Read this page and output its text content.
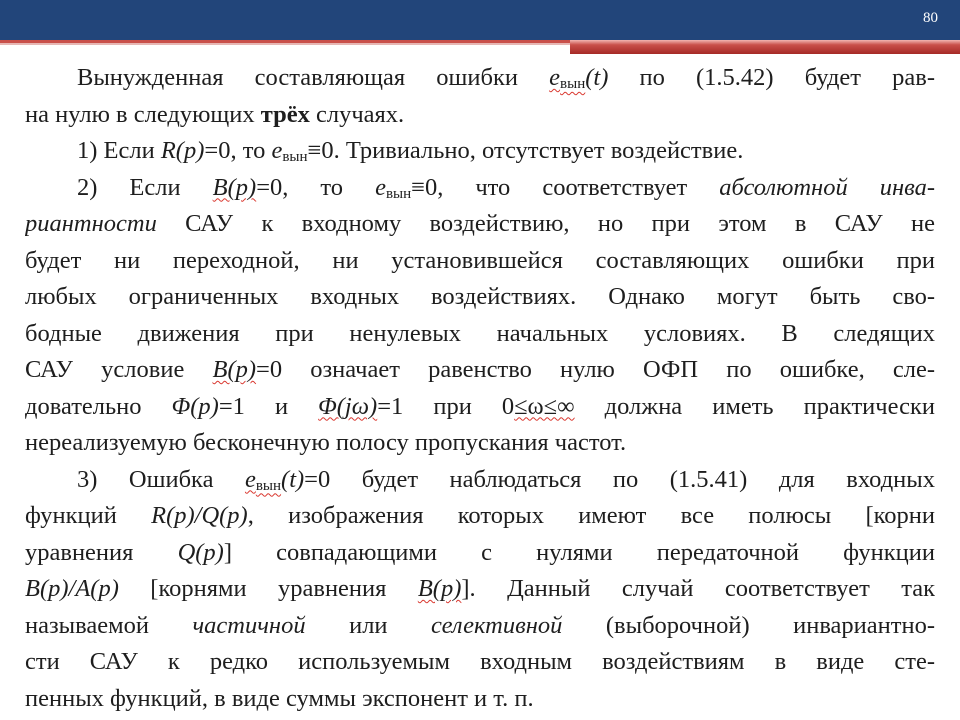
80
Вынужденная составляющая ошибки $e_{вын}(t)$ по (1.5.42) будет рав-
на нулю в следующих трёх случаях.
1) Если R(p)=0, то $e_{вын}\equiv 0$. Тривиально, отсутствует воздействие.
2) Если B(p)=0, то $e_{вын}\equiv 0$, что соответствует абсолютной инва-
риантности САУ к входному воздействию, но при этом в САУ не
будет ни переходной, ни установившейся составляющих ошибки при
любых ограниченных входных воздействиях. Однако могут быть сво-
бодные движения при ненулевых начальных условиях. В следящих
САУ условие B(p)=0 означает равенство нулю ОФП по ошибке, сле-
довательно Φ(p)=1 и Φ(jω)=1 при 0≤ω≤∞ должна иметь практически
нереализуемую бесконечную полосу пропускания частот.
3) Ошибка $e_{вын}(t)=0$ будет наблюдаться по (1.5.41) для входных
функций R(p)/Q(p), изображения которых имеют все полюсы [корни
уравнения Q(p)] совпадающими с нулями передаточной функции
B(p)/A(p) [корнями уравнения B(p)]. Данный случай соответствует так
называемой частичной или селективной (выборочной) инвариантно-
сти САУ к редко используемым входным воздействиям в виде сте-
пенных функций, в виде суммы экспонент и т. п.
